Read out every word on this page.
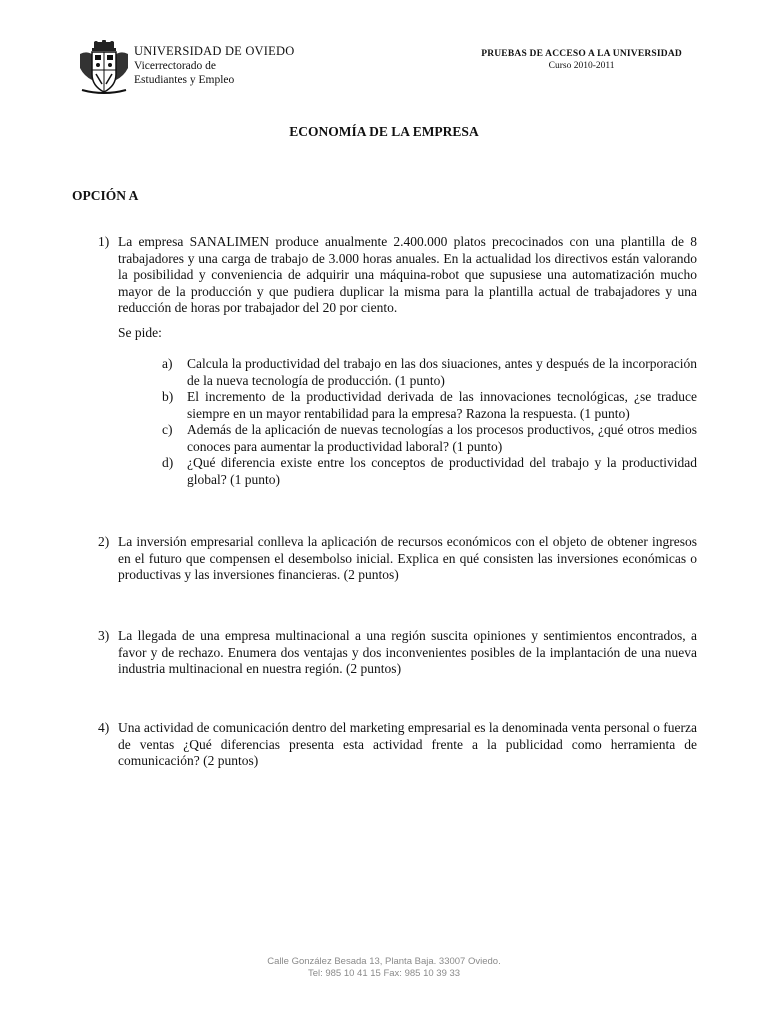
UNIVERSIDAD DE OVIEDO
Vicerrectorado de
Estudiantes y Empleo
PRUEBAS DE ACCESO A LA UNIVERSIDAD
Curso 2010-2011
ECONOMÍA DE LA EMPRESA
OPCIÓN A
1) La empresa SANALIMEN produce anualmente 2.400.000 platos precocinados con una plantilla de 8 trabajadores y una carga de trabajo de 3.000 horas anuales. En la actualidad los directivos están valorando la posibilidad y conveniencia de adquirir una máquina-robot que supusiese una automatización mucho mayor de la producción y que pudiera duplicar la misma para la plantilla actual de trabajadores y una reducción de horas por trabajador del 20 por ciento.
Se pide:
a) Calcula la productividad del trabajo en las dos siuaciones, antes y después de la incorporación de la nueva tecnología de producción. (1 punto)
b) El incremento de la productividad derivada de las innovaciones tecnológicas, ¿se traduce siempre en un mayor rentabilidad para la empresa? Razona la respuesta. (1 punto)
c) Además de la aplicación de nuevas tecnologías a los procesos productivos, ¿qué otros medios conoces para aumentar la productividad laboral? (1 punto)
d) ¿Qué diferencia existe entre los conceptos de productividad del trabajo y la productividad global? (1 punto)
2) La inversión empresarial conlleva la aplicación de recursos económicos con el objeto de obtener ingresos en el futuro que compensen el desembolso inicial. Explica en qué consisten las inversiones económicas o productivas y las inversiones financieras. (2 puntos)
3) La llegada de una empresa multinacional a una región suscita opiniones y sentimientos encontrados, a favor y de rechazo. Enumera dos ventajas y dos inconvenientes posibles de la implantación de una nueva industria multinacional en nuestra región. (2 puntos)
4) Una actividad de comunicación dentro del marketing empresarial es la denominada venta personal o fuerza de ventas ¿Qué diferencias presenta esta actividad frente a la publicidad como herramienta de comunicación? (2 puntos)
Calle González Besada 13, Planta Baja. 33007 Oviedo.
Tel: 985 10 41 15 Fax: 985 10 39 33
